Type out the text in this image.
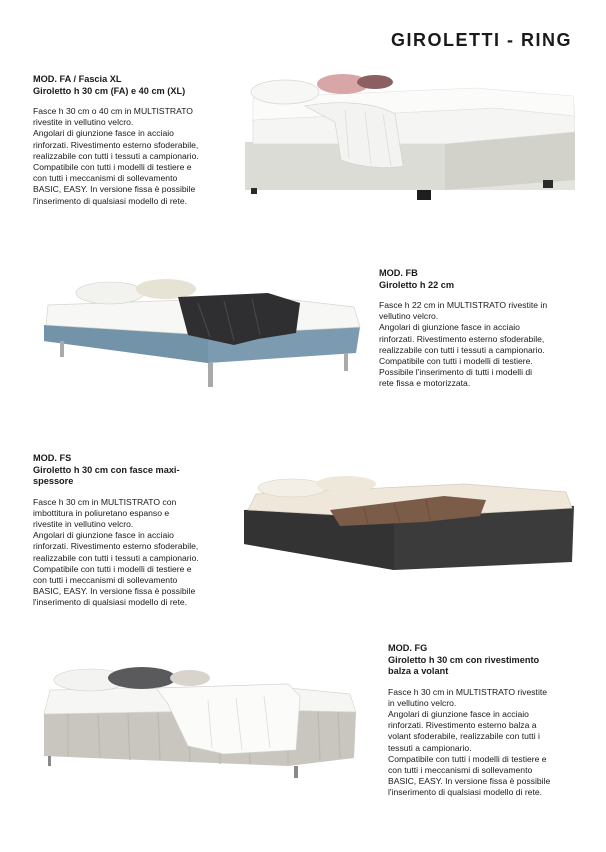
GIROLETTI - RING
MOD. FA / Fascia XL
Giroletto h 30 cm (FA) e 40 cm (XL)
Fasce h 30 cm o 40 cm in MULTISTRATO
rivestite in vellutino velcro.
Angolari di giunzione fasce in acciaio
rinforzati. Rivestimento esterno sfoderabile,
realizzabile con tutti i tessuti a campionario.
Compatibile con tutti i modelli di testiere e
con tutti i meccanismi di sollevamento
BASIC, EASY. In versione fissa è possibile
l'inserimento di qualsiasi modello di rete.
MOD. FB
Giroletto h 22 cm
Fasce h 22 cm in MULTISTRATO rivestite in
vellutino velcro.
Angolari di giunzione fasce in acciaio
rinforzati. Rivestimento esterno sfoderabile,
realizzabile con tutti i tessuti a campionario.
Compatibile con tutti i modelli di testiere.
Possibile l'inserimento di tutti i modelli di
rete fissa e motorizzata.
MOD. FS
Giroletto h 30 cm con fasce maxi-
spessore
Fasce h 30 cm in MULTISTRATO con
imbottitura in poliuretano espanso e
rivestite in vellutino velcro.
Angolari di giunzione fasce in acciaio
rinforzati. Rivestimento esterno sfoderabile,
realizzabile con tutti i tessuti a campionario.
Compatibile con tutti i modelli di testiere e
con tutti i meccanismi di sollevamento
BASIC, EASY. In versione fissa è possibile
l'inserimento di qualsiasi modello di rete.
MOD. FG
Giroletto h 30 cm con rivestimento
balza a volant
Fasce h 30 cm in MULTISTRATO rivestite
in vellutino velcro.
Angolari di giunzione fasce in acciaio
rinforzati. Rivestimento esterno balza a
volant sfoderabile, realizzabile con tutti i
tessuti a campionario.
Compatibile con tutti i modelli di testiere e
con tutti i meccanismi di sollevamento
BASIC, EASY. In versione fissa è possibile
l'inserimento di qualsiasi modello di rete.
